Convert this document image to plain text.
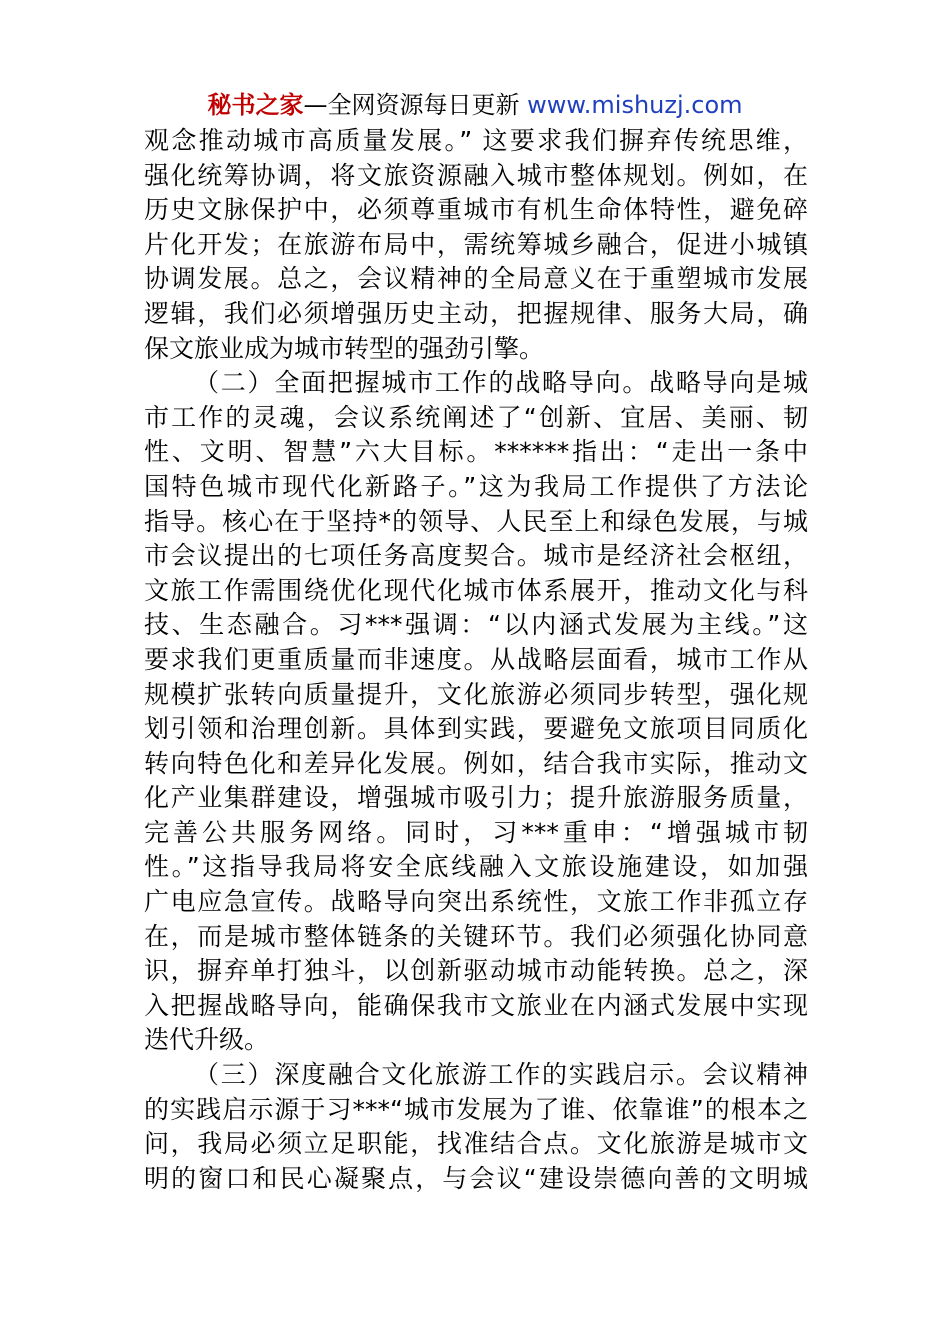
秘书之家—全网资源每日更新 www.mishuzj.com
观念推动城市高质量发展。” 这要求我们摒弃传统思维，
强化统筹协调，将文旅资源融入城市整体规划。例如，在
历史文脉保护中，必须尊重城市有机生命体特性，避免碎
片化开发；在旅游布局中，需统筹城乡融合，促进小城镇
协调发展。总之，会议精神的全局意义在于重塑城市发展
逻辑，我们必须增强历史主动，把握规律、服务大局，确
保文旅业成为城市转型的强劲引擎。
（二）全面把握城市工作的战略导向。战略导向是城
市工作的灵魂，会议系统阐述了“创新、宜居、美丽、韧
性、文明、智慧”六大目标。******指出：“走出一条中
国特色城市现代化新路子。”这为我局工作提供了方法论
指导。核心在于坚持*的领导、人民至上和绿色发展，与城
市会议提出的七项任务高度契合。城市是经济社会枢纽，
文旅工作需围绕优化现代化城市体系展开，推动文化与科
技、生态融合。习***强调：“以内涵式发展为主线。”这
要求我们更重质量而非速度。从战略层面看，城市工作从
规模扩张转向质量提升，文化旅游必须同步转型，强化规
划引领和治理创新。具体到实践，要避免文旅项目同质化
转向特色化和差异化发展。例如，结合我市实际，推动文
化产业集群建设，增强城市吸引力；提升旅游服务质量，
完善公共服务网络。同时，习***重申：“增强城市韧
性。”这指导我局将安全底线融入文旅设施建设，如加强
广电应急宣传。战略导向突出系统性，文旅工作非孤立存
在，而是城市整体链条的关键环节。我们必须强化协同意
识，摒弃单打独斗，以创新驱动城市动能转换。总之，深
入把握战略导向，能确保我市文旅业在内涵式发展中实现
迭代升级。
（三）深度融合文化旅游工作的实践启示。会议精神
的实践启示源于习***“城市发展为了谁、依靠谁”的根本之
问，我局必须立足职能，找准结合点。文化旅游是城市文
明的窗口和民心凝聚点，与会议“建设崇德向善的文明城
